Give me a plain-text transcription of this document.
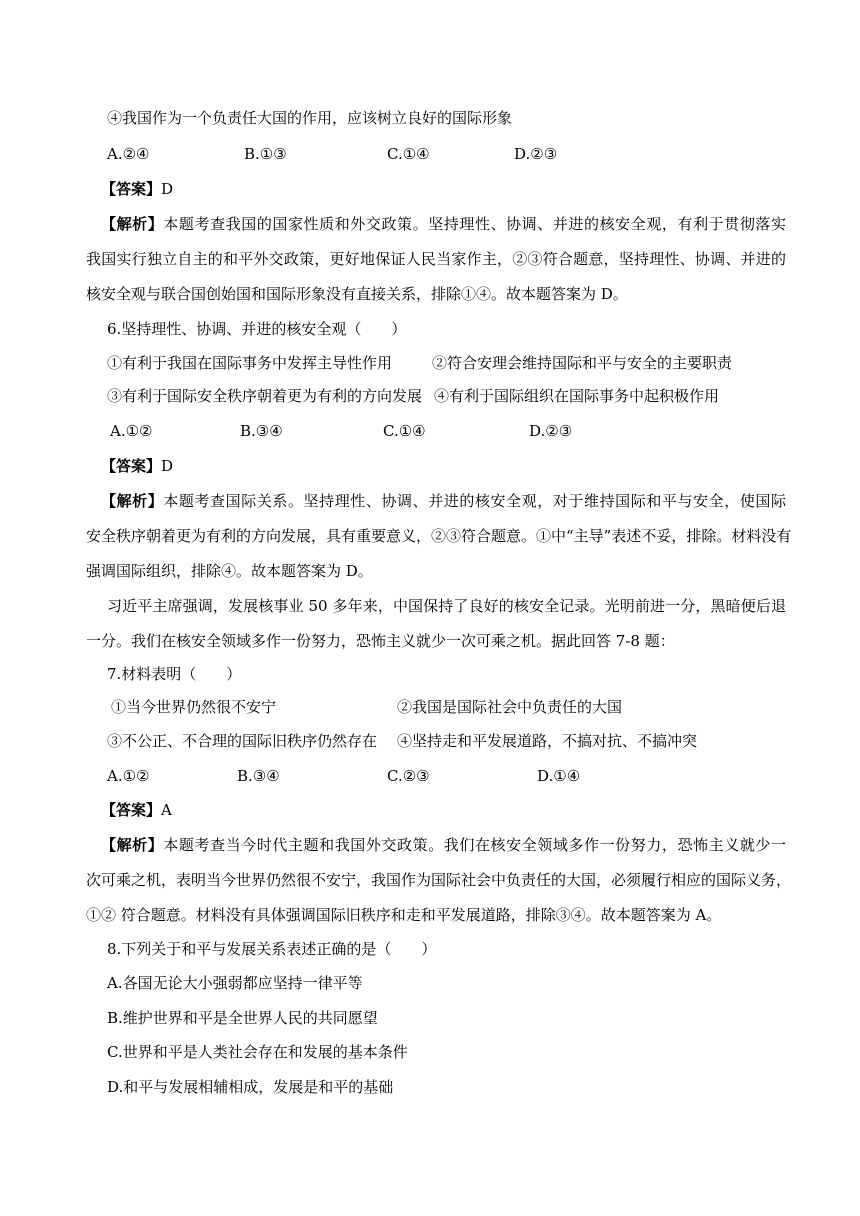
④我国作为一个负责任大国的作用，应该树立良好的国际形象
A.②④	B.①③	C.①④	D.②③
【答案】D
【解析】本题考查我国的国家性质和外交政策。坚持理性、协调、并进的核安全观，有利于贯彻落实
我国实行独立自主的和平外交政策，更好地保证人民当家作主，②③符合题意，坚持理性、协调、并进的
核安全观与联合国创始国和国际形象没有直接关系，排除①④。故本题答案为 D。
6.坚持理性、协调、并进的核安全观（　　）
①有利于我国在国际事务中发挥主导性作用	②符合安理会维持国际和平与安全的主要职责
③有利于国际安全秩序朝着更为有利的方向发展 ④有利于国际组织在国际事务中起积极作用
A.①②	B.③④	C.①④	D.②③
【答案】D
【解析】本题考查国际关系。坚持理性、协调、并进的核安全观，对于维持国际和平与安全，使国际
安全秩序朝着更为有利的方向发展，具有重要意义，②③符合题意。①中“主导”表述不妥，排除。材料没有
强调国际组织，排除④。故本题答案为 D。
习近平主席强调，发展核事业 50 多年来，中国保持了良好的核安全记录。光明前进一分，黑暗便后退
一分。我们在核安全领域多作一份努力，恐怖主义就少一次可乘之机。据此回答 7-8 题：
7.材料表明（　　）
①当今世界仍然很不安宁	②我国是国际社会中负责任的大国
③不公正、不合理的国际旧秩序仍然存在 ④坚持走和平发展道路，不搞对抗、不搞冲突
A.①②	B.③④	C.②③	D.①④
【答案】A
【解析】本题考查当今时代主题和我国外交政策。我们在核安全领域多作一份努力，恐怖主义就少一
次可乘之机，表明当今世界仍然很不安宁，我国作为国际社会中负责任的大国，必须履行相应的国际义务，
①② 符合题意。材料没有具体强调国际旧秩序和走和平发展道路，排除③④。故本题答案为 A。
8.下列关于和平与发展关系表述正确的是（　　）
A.各国无论大小强弱都应坚持一律平等
B.维护世界和平是全世界人民的共同愿望
C.世界和平是人类社会存在和发展的基本条件
D.和平与发展相辅相成，发展是和平的基础
